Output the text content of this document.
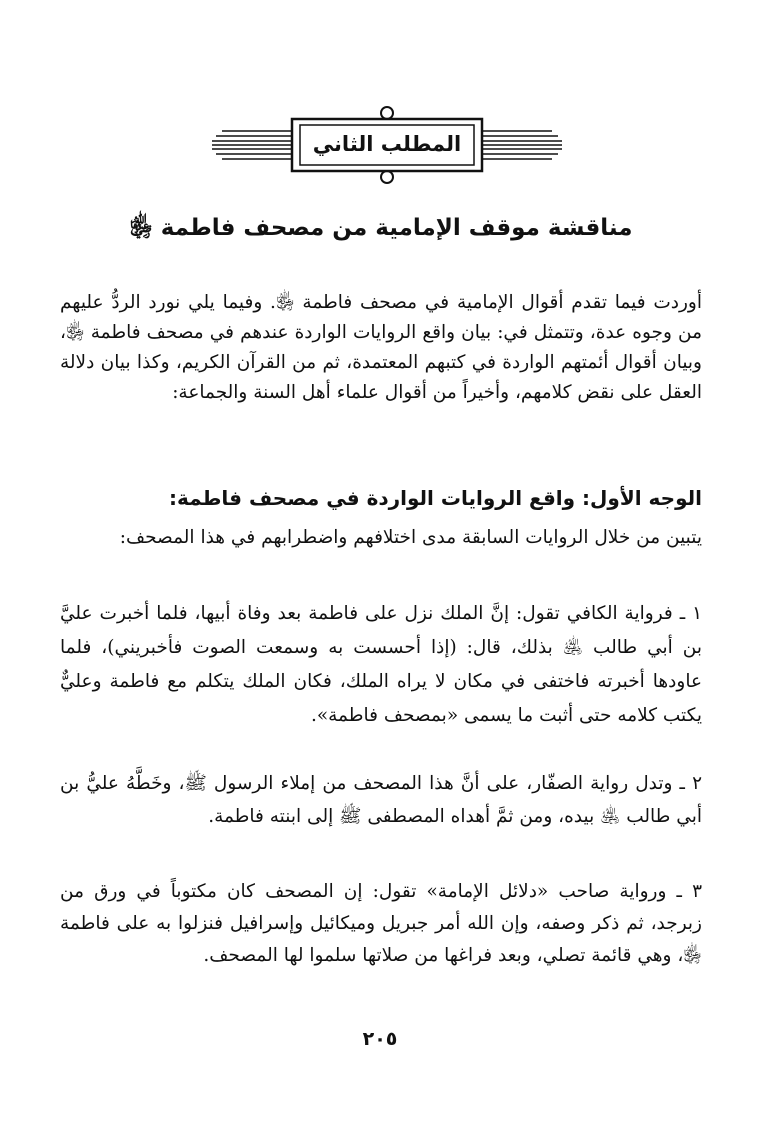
المطلب الثاني
مناقشة موقف الإمامية من مصحف فاطمة ﵂
أوردت فيما تقدم أقوال الإمامية في مصحف فاطمة ﵂. وفيما يلي نورد الردُّ عليهم من وجوه عدة، وتتمثل في: بيان واقع الروايات الواردة عندهم في مصحف فاطمة ﵂، وبيان أقوال أئمتهم الواردة في كتبهم المعتمدة، ثم من القرآن الكريم، وكذا بيان دلالة العقل على نقض كلامهم، وأخيراً من أقوال علماء أهل السنة والجماعة:
الوجه الأول: واقع الروايات الواردة في مصحف فاطمة:
يتبين من خلال الروايات السابقة مدى اختلافهم واضطرابهم في هذا المصحف:
١ ـ فرواية الكافي تقول: إنَّ الملك نزل على فاطمة بعد وفاة أبيها، فلما أخبرت عليَّ بن أبي طالب ﵁ بذلك، قال: (إذا أحسست به وسمعت الصوت فأخبريني)، فلما عاودها أخبرته فاختفى في مكان لا يراه الملك، فكان الملك يتكلم مع فاطمة وعليٌّ يكتب كلامه حتى أثبت ما يسمى «بمصحف فاطمة».
٢ ـ وتدل رواية الصفّار، على أنَّ هذا المصحف من إملاء الرسول ﷺ، وخَطَّهُ عليُّ بن أبي طالب ﵁ بيده، ومن ثمَّ أهداه المصطفى ﷺ إلى ابنته فاطمة.
٣ ـ ورواية صاحب «دلائل الإمامة» تقول: إن المصحف كان مكتوباً في ورق من زبرجد، ثم ذكر وصفه، وإن الله أمر جبريل وميكائيل وإسرافيل فنزلوا به على فاطمة ﵂، وهي قائمة تصلي، وبعد فراغها من صلاتها سلموا لها المصحف.
٢٠٥
